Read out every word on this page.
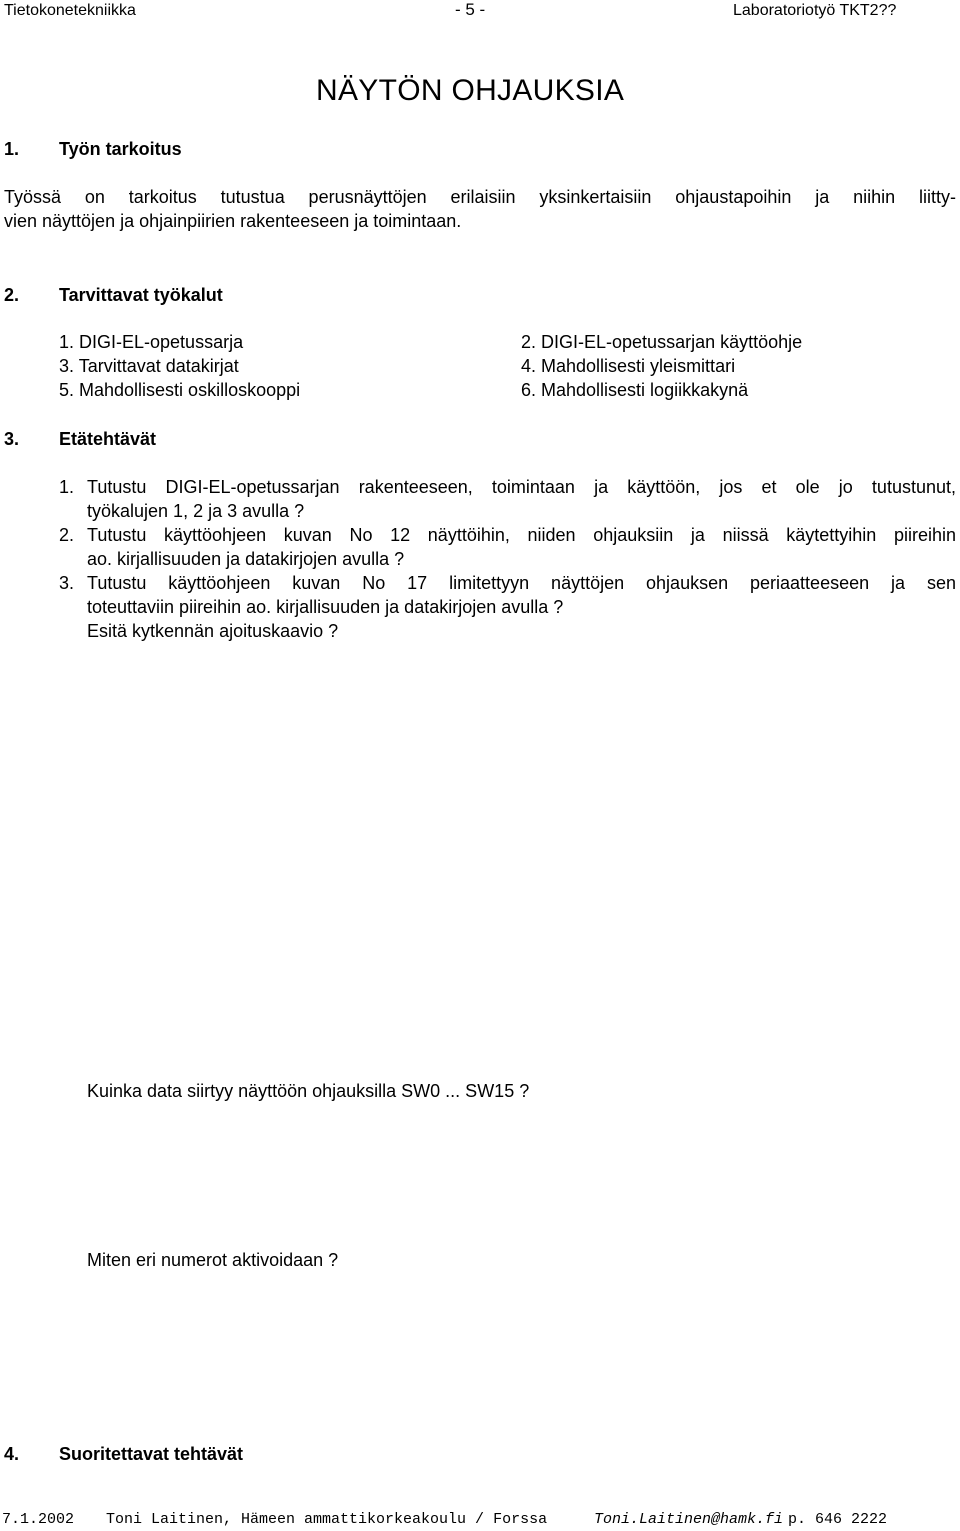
Tietokonetekniikka	- 5 -	Laboratoriotyö TKT2??
NÄYTÖN OHJAUKSIA
1. Työn tarkoitus
Työssä on tarkoitus tutustua perusnäyttöjen erilaisiin yksinkertaisiin ohjaustapoihin ja niihin liitty-
vien näyttöjen ja ohjainpiirien rakenteeseen ja toimintaan.
2. Tarvittavat työkalut
1. DIGI-EL-opetussarja	2. DIGI-EL-opetussarjan käyttöohje
3. Tarvittavat datakirjat	4. Mahdollisesti yleismittari
5. Mahdollisesti oskilloskooppi	6. Mahdollisesti logiikkakynä
3. Etätehtävät
1. Tutustu DIGI-EL-opetussarjan rakenteeseen, toimintaan ja käyttöön, jos et ole jo tutustunut,
työkalujen 1, 2 ja 3 avulla ?
2. Tutustu käyttöohjeen kuvan No 12 näyttöihin, niiden ohjauksiin ja niissä käytettyihin piireihin
ao. kirjallisuuden ja datakirjojen avulla ?
3. Tutustu käyttöohjeen kuvan No 17 limitettyyn näyttöjen ohjauksen periaatteeseen ja sen
toteuttaviin piireihin ao. kirjallisuuden ja datakirjojen avulla ?
Esitä kytkennän ajoituskaavio ?
Kuinka data siirtyy näyttöön ohjauksilla SW0 ... SW15 ?
Miten eri numerot aktivoidaan ?
4. Suoritettavat tehtävät
7.1.2002 Toni Laitinen, Hämeen ammattikorkeakoulu / Forssa	Toni.Laitinen@hamk.fi p. 646 2222
